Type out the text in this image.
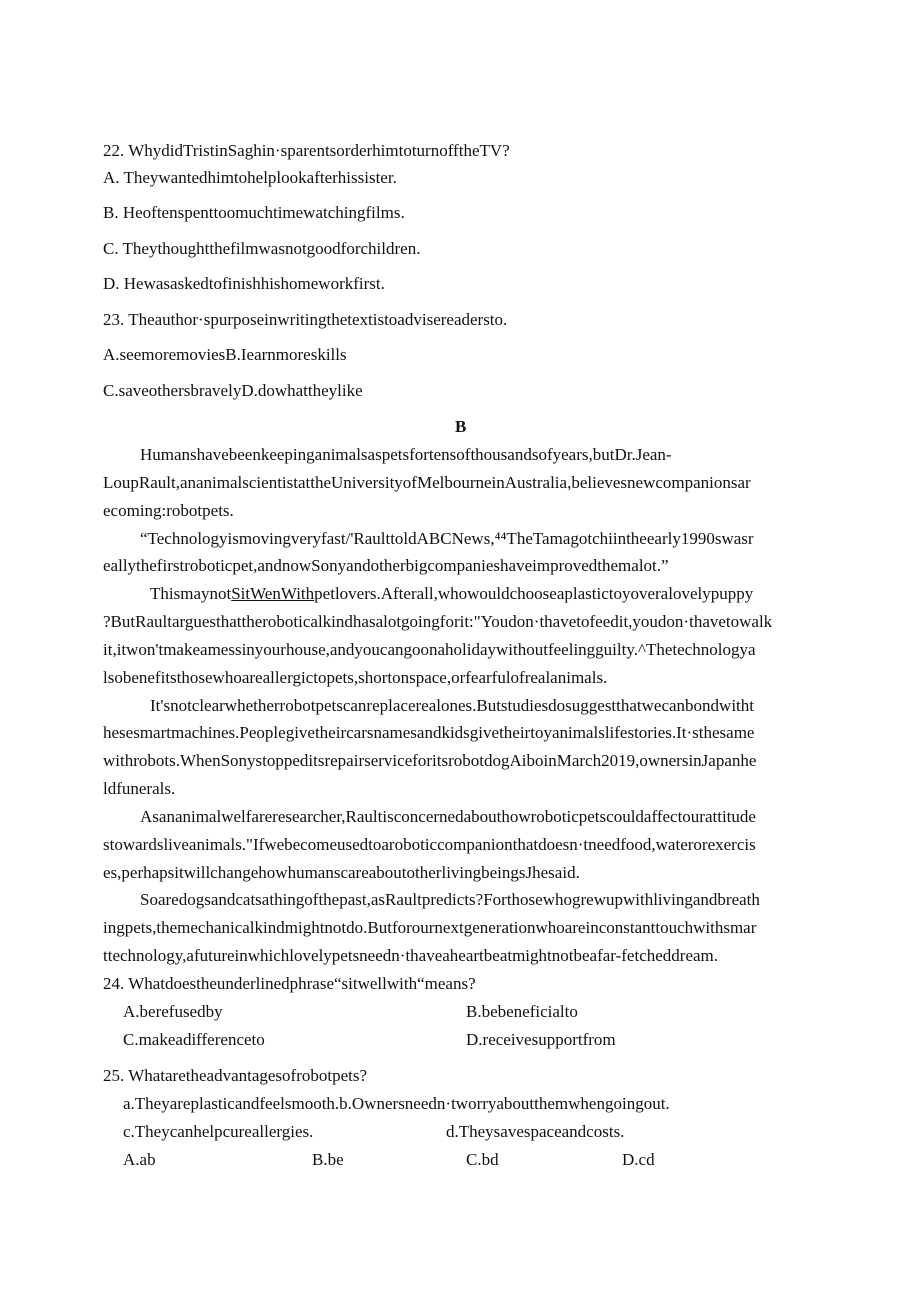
22. WhydidTristinSaghin·sparentsorderhimtoturnofftheTV?
A. Theywantedhimtohelplookafterhissister.
B. Heoftenspenttoomuchtimewatchingfilms.
C. Theythoughtthefilmwasnotgoodforchildren.
D. Hewasaskedtofinishhishomeworkfirst.
23. Theauthor·spurposeinwritingthetextistoadvisereadersto.
A.seemoremoviesB.Iearnmoreskills
C.saveothersbravelyD.dowhattheylike
B
Humanshavebeenkeepinganimalsaspetsfortensofthousandsofyears,butDr.Jean-
LoupRault,ananimalscientistattheUniversityofMelbourneinAustralia,believesnewcompanionsar
ecoming:robotpets.
“Technologyismovingveryfast/'RaulttoldABCNews,⁴⁴TheTamagotchiintheearly1990swasr
eallythefirstroboticpet,andnowSonyandotherbigcompanieshaveimprovedthemalot.”
ThismaynotSitWenWithpetlovers.Afterall,whowouldchooseaplastictoyoveralovelypuppy
?ButRaultarguesthattheroboticalkindhasalotgoingforit:"Youdon·thavetofeedit,youdon·thavetowalk
it,itwon'tmakeamessinyourhouse,andyoucangoonaholidaywithoutfeelingguilty.^Thetechnologya
lsobenefitsthosewhoareallergictopets,shortonspace,orfearfulofrealanimals.
It'snotclearwhetherrobotpetscanreplacerealones.Butstudiesdosuggestthatwecanbondwitht
hesesmartmachines.Peoplegivetheircarsnamesandkidsgivetheirtoyanimalslifestories.It·sthesame
withrobots.WhenSonystoppeditsrepairserviceforitsrobotdogAiboinMarch2019,ownersinJapanhe
ldfunerals.
Asananimalwelfareresearcher,Raultisconcernedabouthowroboticpetscouldaffectourattitude
stowardsliveanimals."Ifwebecomeusedtoaroboticcompanionthatdoesn·tneedfood,waterorexercis
es,perhapsitwillchangehowhumanscareaboutotherlivingbeingsJhesaid.
Soaredogsandcatsathingofthepast,asRaultpredicts?Forthosewhogrewupwithlivingandbreath
ingpets,themechanicalkindmightnotdo.Butforournextgenerationwhoareinconstanttouchwithsmar
ttechnology,afutureinwhichlovelypetsneedn·thaveaheartbeatmightnotbeafar-fetcheddream.
24. Whatdoestheunderlinedphrase“sitwellwith“means?
A.berefusedby	B.bebeneficialto
C.makeadifferenceto	D.receivesupportfrom
25. Whataretheadvantagesofrobotpets?
a.Theyareplasticandfeelsmooth.b.Ownersneedn·tworryaboutthemwhengoingout.
c.Theycanhelpcureallergies.	d.Theysavespaceandcosts.
A.ab	B.be	C.bd	D.cd
